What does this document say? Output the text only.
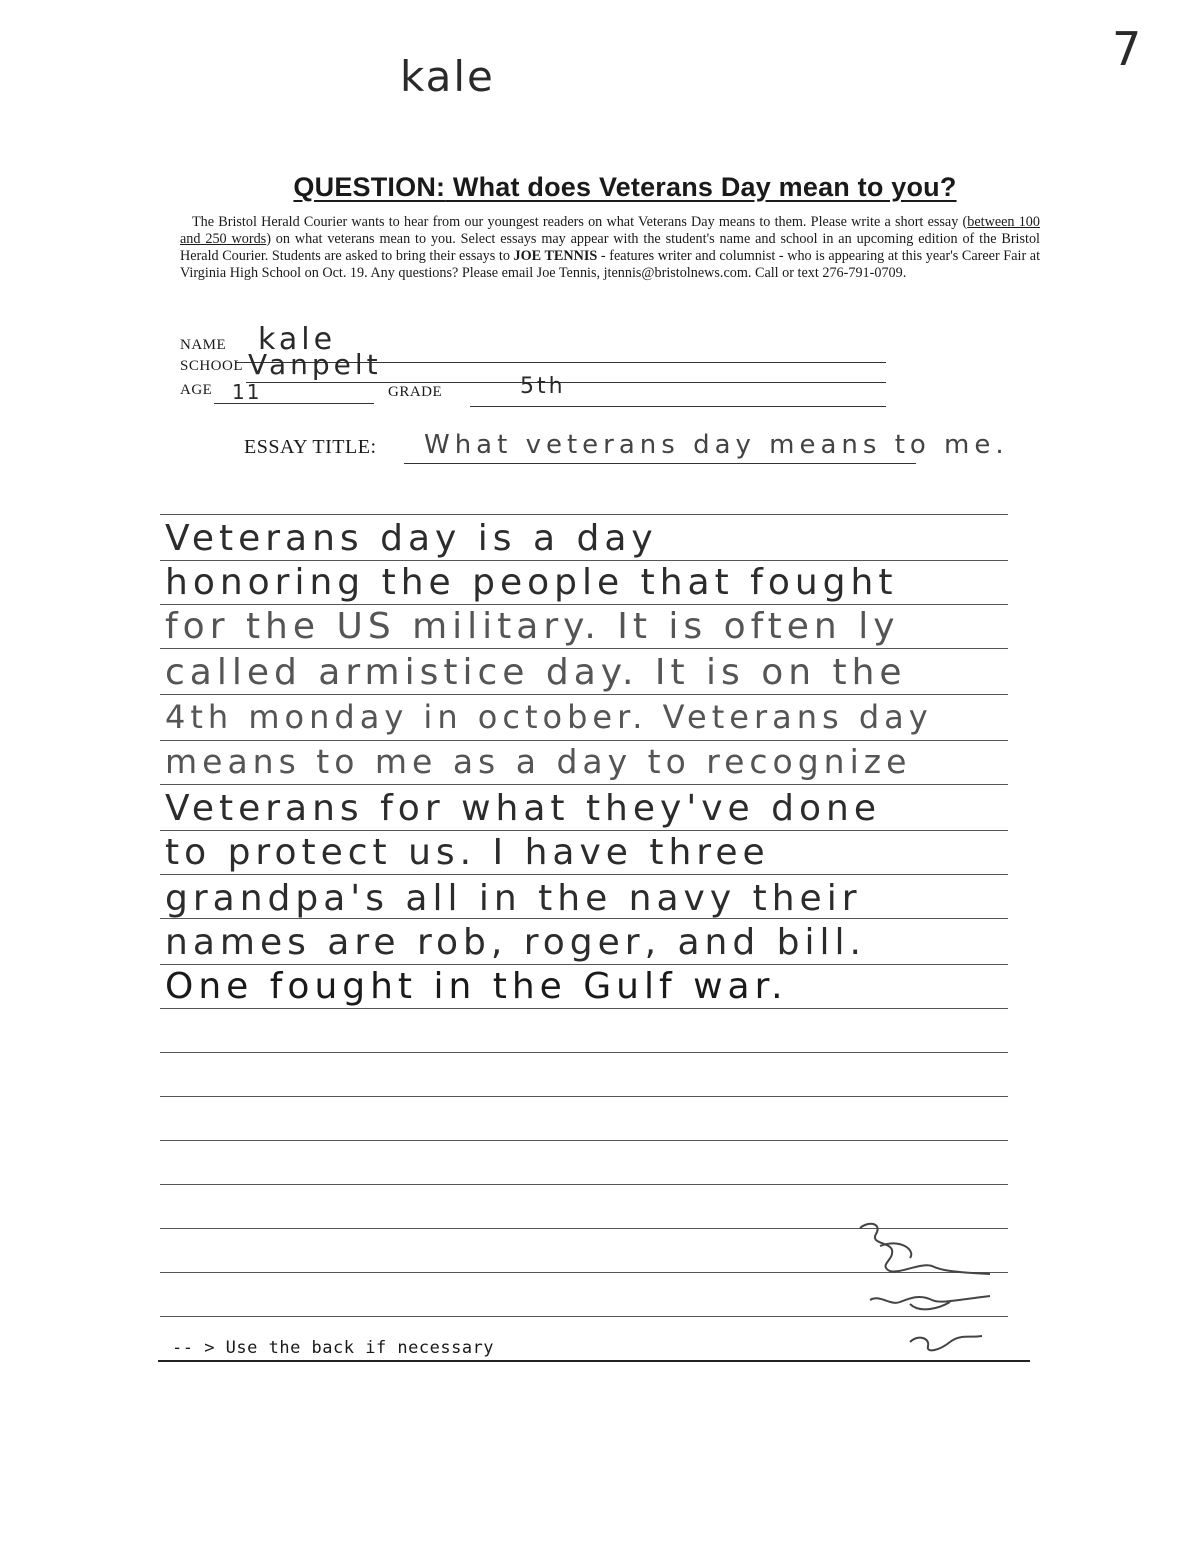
kale
7
QUESTION: What does Veterans Day mean to you?
The Bristol Herald Courier wants to hear from our youngest readers on what Veterans Day means to them. Please write a short essay (between 100 and 250 words) on what veterans mean to you. Select essays may appear with the student's name and school in an upcoming edition of the Bristol Herald Courier. Students are asked to bring their essays to JOE TENNIS - features writer and columnist - who is appearing at this year's Career Fair at Virginia High School on Oct. 19. Any questions? Please email Joe Tennis, jtennis@bristolnews.com. Call or text 276-791-0709.
NAME kale
SCHOOL Vanpelt
AGE 11	GRADE	5th
ESSAY TITLE: What veterans day means to me.
Veterans day is a day
honoring the people that fought
for the US military. It is often ly
called armistice day. It is on the
4th monday in october. Veterans day
means to me as a day to recognize
Veterans for what they've done
to protect us. I have three
grandpa's all in the navy their
names are rob, roger, and bill.
One fought in the Gulf war.
-- > Use the back if necessary
